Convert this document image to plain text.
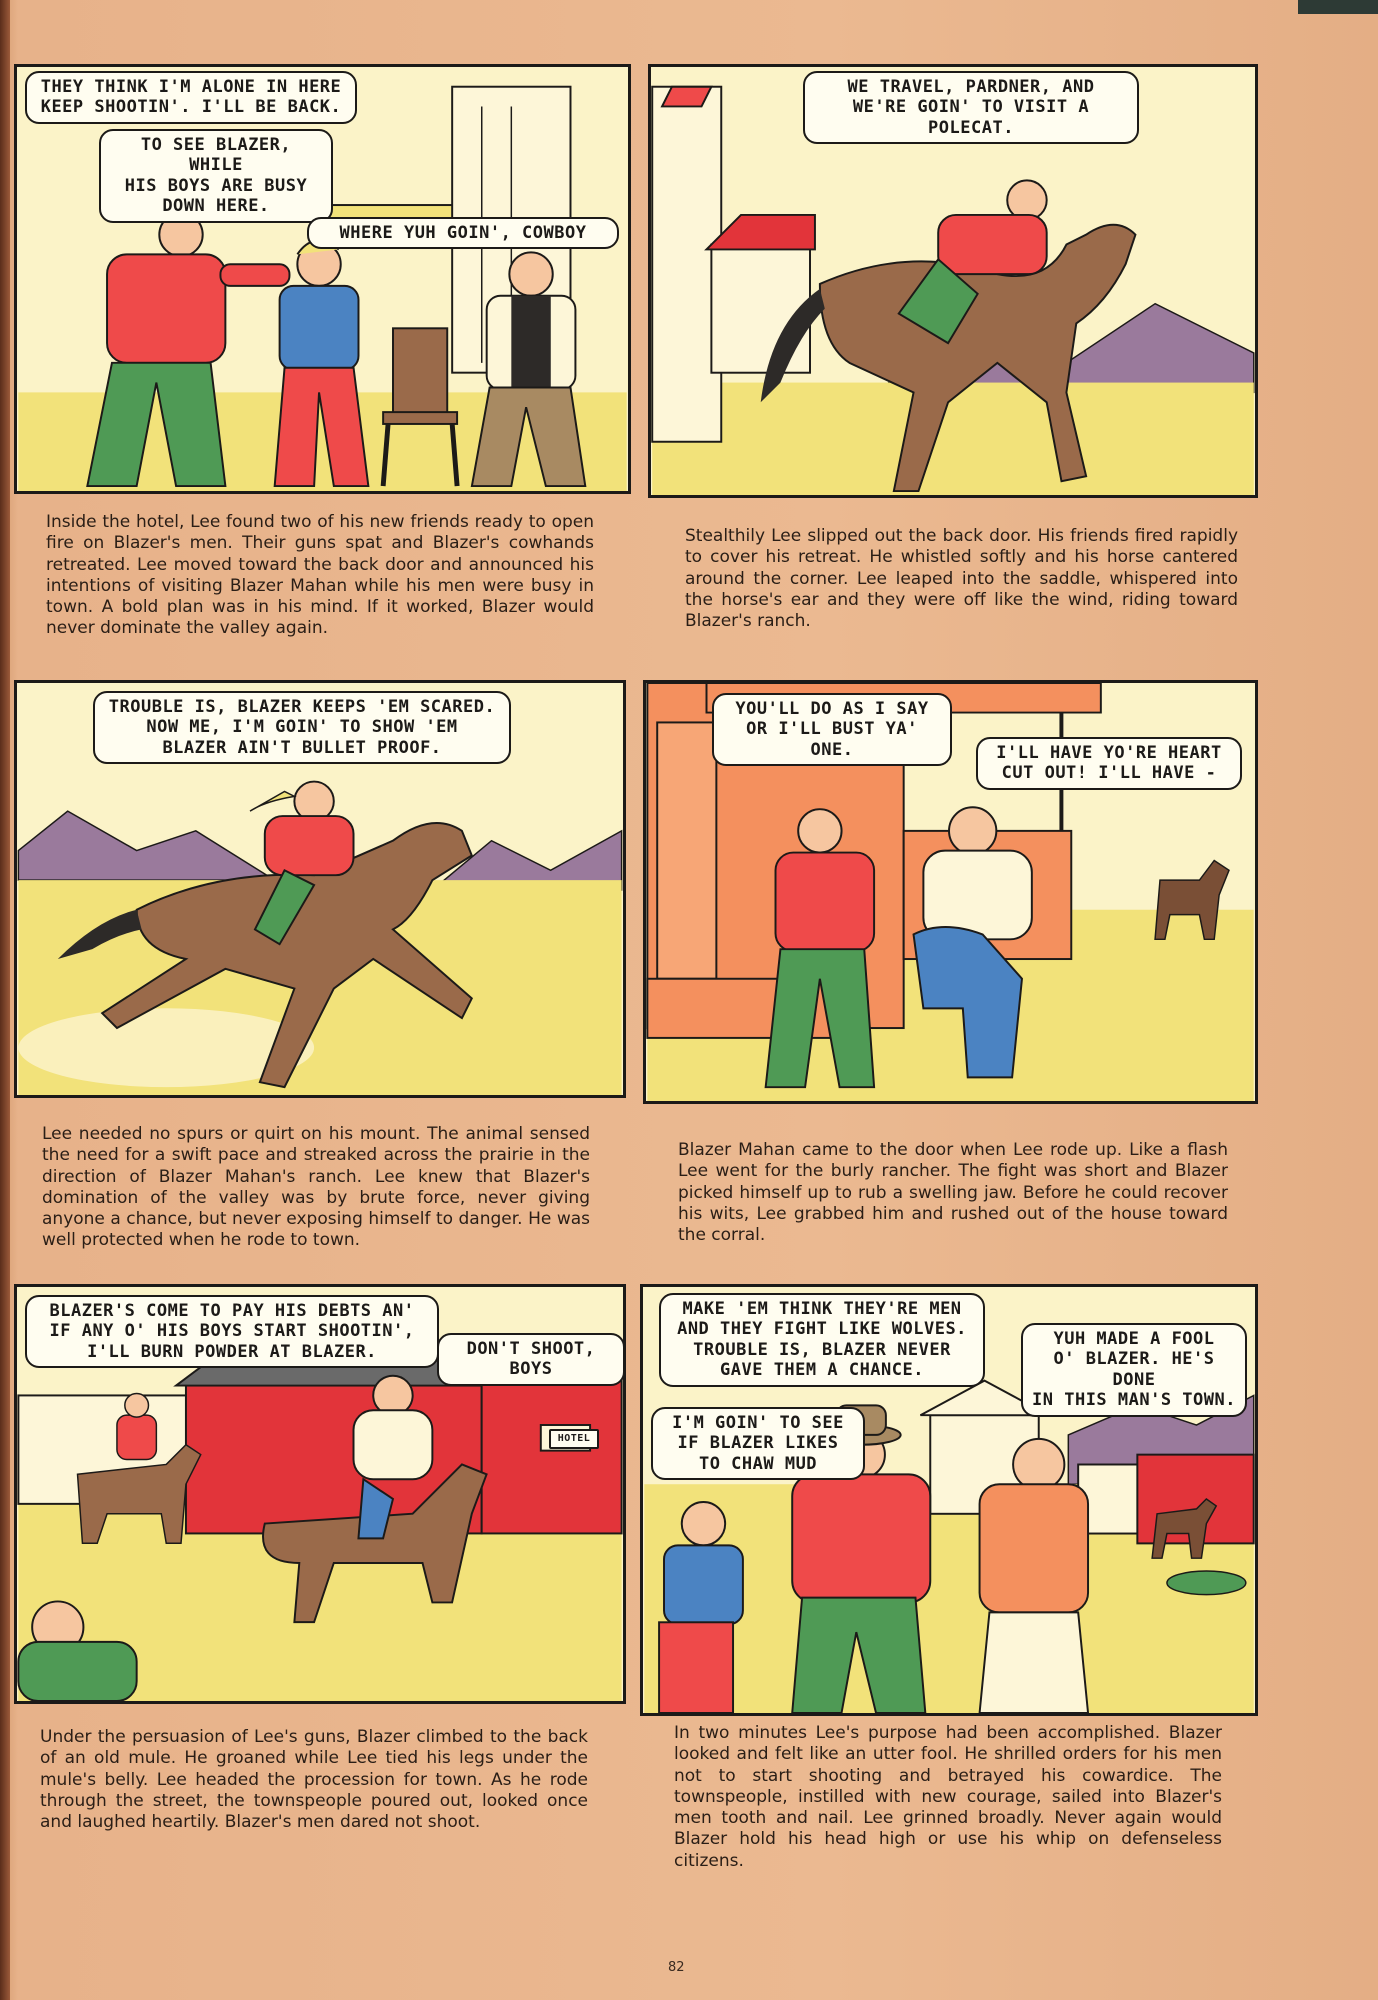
THEY THINK I'M ALONE IN HERE
KEEP SHOOTIN'. I'LL BE BACK.
TO SEE BLAZER, WHILE
HIS BOYS ARE BUSY
DOWN HERE.
WHERE YUH GOIN', COWBOY
Inside the hotel, Lee found two of his new friends ready to open fire on Blazer's men. Their guns spat and Blazer's cowhands retreated. Lee moved toward the back door and announced his intentions of visiting Blazer Mahan while his men were busy in town. A bold plan was in his mind. If it worked, Blazer would never dominate the valley again.
WE TRAVEL, PARDNER, AND
WE'RE GOIN' TO VISIT A POLECAT.
Stealthily Lee slipped out the back door. His friends fired rapidly to cover his retreat. He whistled softly and his horse cantered around the corner. Lee leaped into the saddle, whispered into the horse's ear and they were off like the wind, riding toward Blazer's ranch.
TROUBLE IS, BLAZER KEEPS 'EM SCARED.
NOW ME, I'M GOIN' TO SHOW 'EM
BLAZER AIN'T BULLET PROOF.
Lee needed no spurs or quirt on his mount. The animal sensed the need for a swift pace and streaked across the prairie in the direction of Blazer Mahan's ranch. Lee knew that Blazer's domination of the valley was by brute force, never giving anyone a chance, but never exposing himself to danger. He was well protected when he rode to town.
YOU'LL DO AS I SAY
OR I'LL BUST YA' ONE.	I'LL HAVE YO'RE HEART
CUT OUT! I'LL HAVE -
Blazer Mahan came to the door when Lee rode up. Like a flash Lee went for the burly rancher. The fight was short and Blazer picked himself up to rub a swelling jaw. Before he could recover his wits, Lee grabbed him and rushed out of the house toward the corral.
BLAZER'S COME TO PAY HIS DEBTS AN'
IF ANY O' HIS BOYS START SHOOTIN',
I'LL BURN POWDER AT BLAZER.	DON'T SHOOT, BOYS
HOTEL
Under the persuasion of Lee's guns, Blazer climbed to the back of an old mule. He groaned while Lee tied his legs under the mule's belly. Lee headed the procession for town. As he rode through the street, the townspeople poured out, looked once and laughed heartily. Blazer's men dared not shoot.
MAKE 'EM THINK THEY'RE MEN
AND THEY FIGHT LIKE WOLVES.
TROUBLE IS, BLAZER NEVER
GAVE THEM A CHANCE.
YUH MADE A FOOL
O' BLAZER. HE'S DONE
IN THIS MAN'S TOWN.
I'M GOIN' TO SEE
IF BLAZER LIKES
TO CHAW MUD
In two minutes Lee's purpose had been accomplished. Blazer looked and felt like an utter fool. He shrilled orders for his men not to start shooting and betrayed his cowardice. The townspeople, instilled with new courage, sailed into Blazer's men tooth and nail. Lee grinned broadly. Never again would Blazer hold his head high or use his whip on defenseless citizens.
82
